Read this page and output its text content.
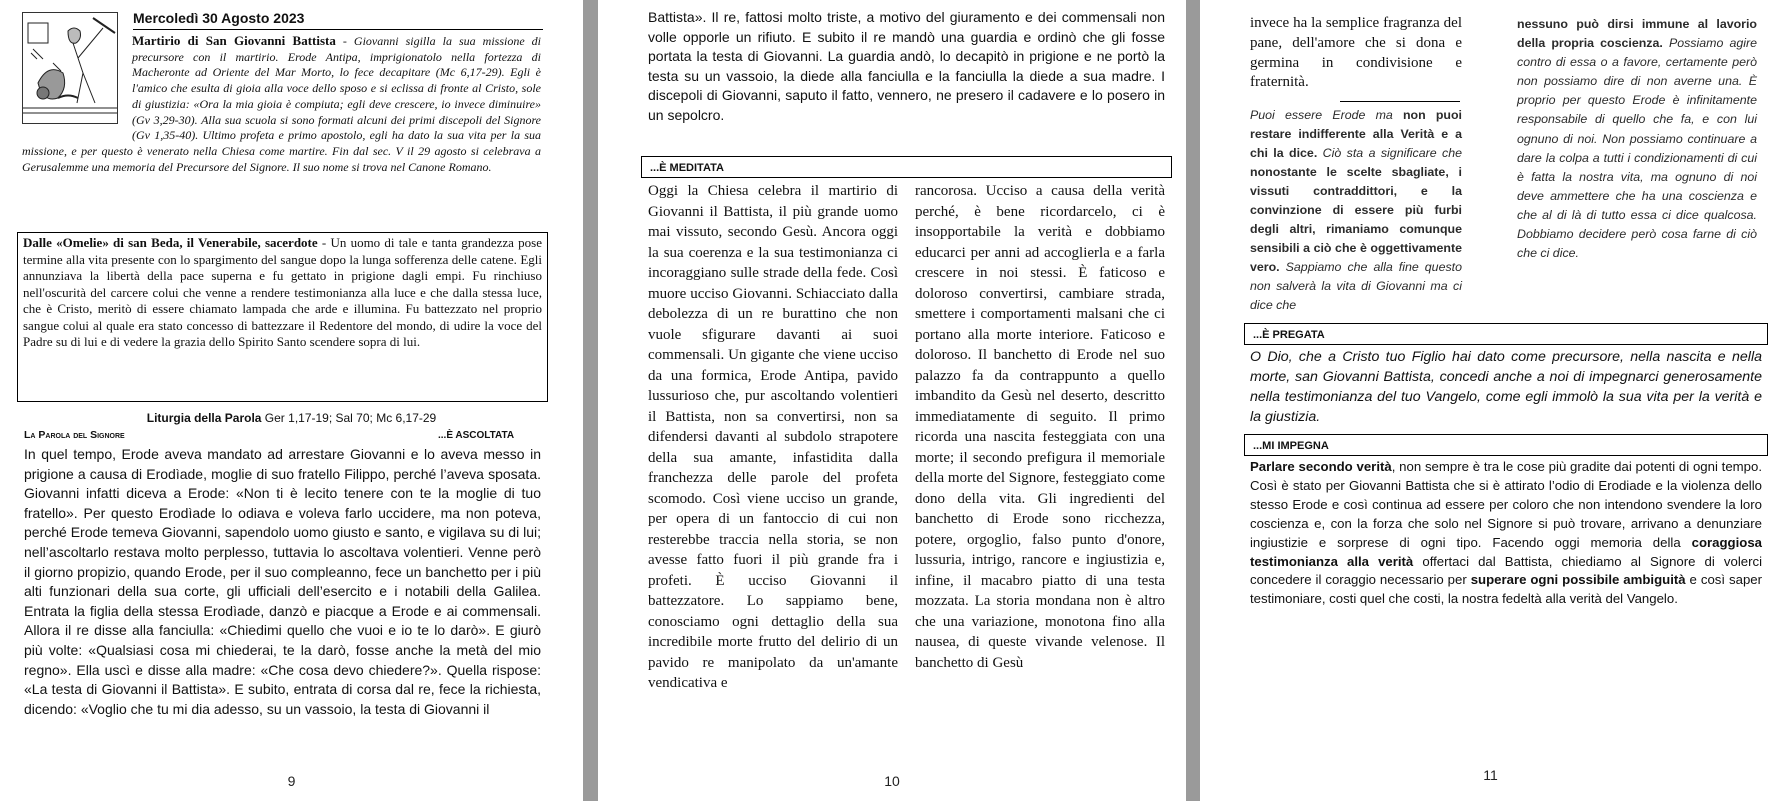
Mercoledì 30 Agosto 2023
Martirio di San Giovanni Battista - Giovanni sigilla la sua missione di precursore con il martirio. Erode Antipa, imprigionatolo nella fortezza di Macheronte ad Oriente del Mar Morto, lo fece decapitare (Mc 6,17-29). Egli è l'amico che esulta di gioia alla voce dello sposo e si eclissa di fronte al Cristo, sole di giustizia: «Ora la mia gioia è compiuta; egli deve crescere, io invece diminuire» (Gv 3,29-30). Alla sua scuola si sono formati alcuni dei primi discepoli del Signore (Gv 1,35-40). Ultimo profeta e primo apostolo, egli ha dato la sua vita per la sua missione, e per questo è venerato nella Chiesa come martire. Fin dal sec. V il 29 agosto si celebrava a Gerusalemme una memoria del Precursore del Signore. Il suo nome si trova nel Canone Romano.
Dalle «Omelie» di san Beda, il Venerabile, sacerdote - Un uomo di tale e tanta grandezza pose termine alla vita presente con lo spargimento del sangue dopo la lunga sofferenza delle catene. Egli annunziava la libertà della pace superna e fu gettato in prigione dagli empi. Fu rinchiuso nell'oscurità del carcere colui che venne a rendere testimonianza alla luce e che dalla stessa luce, che è Cristo, meritò di essere chiamato lampada che arde e illumina. Fu battezzato nel proprio sangue colui al quale era stato concesso di battezzare il Redentore del mondo, di udire la voce del Padre su di lui e di vedere la grazia dello Spirito Santo scendere sopra di lui.
Liturgia della Parola Ger 1,17-19; Sal 70; Mc 6,17-29
La Parola del Signore	...È ASCOLTATA
In quel tempo, Erode aveva mandato ad arrestare Giovanni e lo aveva messo in prigione a causa di Erodìade, moglie di suo fratello Filippo, perché l’aveva sposata. Giovanni infatti diceva a Erode: «Non ti è lecito tenere con te la moglie di tuo fratello». Per questo Erodìade lo odiava e voleva farlo uccidere, ma non poteva, perché Erode temeva Giovanni, sapendolo uomo giusto e santo, e vigilava su di lui; nell’ascoltarlo restava molto perplesso, tuttavia lo ascoltava volentieri. Venne però il giorno propizio, quando Erode, per il suo compleanno, fece un banchetto per i più alti funzionari della sua corte, gli ufficiali dell’esercito e i notabili della Galilea. Entrata la figlia della stessa Erodìade, danzò e piacque a Erode e ai commensali. Allora il re disse alla fanciulla: «Chiedimi quello che vuoi e io te lo darò». E giurò più volte: «Qualsiasi cosa mi chiederai, te la darò, fosse anche la metà del mio regno». Ella uscì e disse alla madre: «Che cosa devo chiedere?». Quella rispose: «La testa di Giovanni il Battista». E subito, entrata di corsa dal re, fece la richiesta, dicendo: «Voglio che tu mi dia adesso, su un vassoio, la testa di Giovanni il
9
Battista». Il re, fattosi molto triste, a motivo del giuramento e dei commensali non volle opporle un rifiuto. E subito il re mandò una guardia e ordinò che gli fosse portata la testa di Giovanni. La guardia andò, lo decapitò in prigione e ne portò la testa su un vassoio, la diede alla fanciulla e la fanciulla la diede a sua madre. I discepoli di Giovanni, saputo il fatto, vennero, ne presero il cadavere e lo posero in un sepolcro.
...È MEDITATA
Oggi la Chiesa celebra il martirio di Giovanni il Battista, il più grande uomo mai vissuto, secondo Gesù. Ancora oggi la sua coerenza e la sua testimonianza ci incoraggiano sulle strade della fede. Così muore ucciso Giovanni. Schiacciato dalla debolezza di un re burattino che non vuole sfigurare davanti ai suoi commensali. Un gigante che viene ucciso da una formica, Erode Antipa, pavido lussurioso che, pur ascoltando volentieri il Battista, non sa convertirsi, non sa difendersi davanti al subdolo strapotere della sua amante, infastidita dalla franchezza delle parole del profeta scomodo. Così viene ucciso un grande, per opera di un fantoccio di cui non resterebbe traccia nella storia, se non avesse fatto fuori il più grande fra i profeti. È ucciso Giovanni il battezzatore. Lo sappiamo bene, conosciamo ogni dettaglio della sua incredibile morte frutto del delirio di un pavido re manipolato da un'amante vendicativa e
rancorosa. Ucciso a causa della verità perché, è bene ricordarcelo, ci è insopportabile la verità e dobbiamo educarci per anni ad accoglierla e a farla crescere in noi stessi. È faticoso e doloroso convertirsi, cambiare strada, smettere i comportamenti malsani che ci portano alla morte interiore. Faticoso e doloroso. Il banchetto di Erode nel suo palazzo fa da contrappunto a quello imbandito da Gesù nel deserto, descritto immediatamente di seguito. Il primo ricorda una nascita festeggiata con una morte; il secondo prefigura il memoriale della morte del Signore, festeggiato come dono della vita. Gli ingredienti del banchetto di Erode sono ricchezza, potere, orgoglio, falso punto d'onore, lussuria, intrigo, rancore e ingiustizia e, infine, il macabro piatto di una testa mozzata. La storia mondana non è altro che una variazione, monotona fino alla nausea, di queste vivande velenose. Il banchetto di Gesù
10
invece ha la semplice fragranza del pane, dell'amore che si dona e germina in condivisione e fraternità.
Puoi essere Erode ma non puoi restare indifferente alla Verità e a chi la dice. Ciò sta a significare che nonostante le scelte sbagliate, i vissuti contraddittori, e la convinzione di essere più furbi degli altri, rimaniamo comunque sensibili a ciò che è oggettivamente vero. Sappiamo che alla fine questo non salverà la vita di Giovanni ma ci dice che
nessuno può dirsi immune al lavorio della propria coscienza. Possiamo agire contro di essa o a favore, certamente però non possiamo dire di non averne una. È proprio per questo Erode è infinitamente responsabile di quello che fa, e con lui ognuno di noi. Non possiamo continuare a dare la colpa a tutti i condizionamenti di cui è fatta la nostra vita, ma ognuno di noi deve ammettere che ha una coscienza e che al di là di tutto essa ci dice qualcosa. Dobbiamo decidere però cosa farne di ciò che ci dice.
...È PREGATA
O Dio, che a Cristo tuo Figlio hai dato come precursore, nella nascita e nella morte, san Giovanni Battista, concedi anche a noi di impegnarci generosamente nella testimonianza del tuo Vangelo, come egli immolò la sua vita per la verità e la giustizia.
...MI IMPEGNA
Parlare secondo verità, non sempre è tra le cose più gradite dai potenti di ogni tempo. Così è stato per Giovanni Battista che si è attirato l’odio di Erodiade e la violenza dello stesso Erode e così continua ad essere per coloro che non intendono svendere la loro coscienza e, con la forza che solo nel Signore si può trovare, arrivano a denunziare ingiustizie e sorprese di ogni tipo. Facendo oggi memoria della coraggiosa testimonianza alla verità offertaci dal Battista, chiediamo al Signore di volerci concedere il coraggio necessario per superare ogni possibile ambiguità e così saper testimoniare, costi quel che costi, la nostra fedeltà alla verità del Vangelo.
11
